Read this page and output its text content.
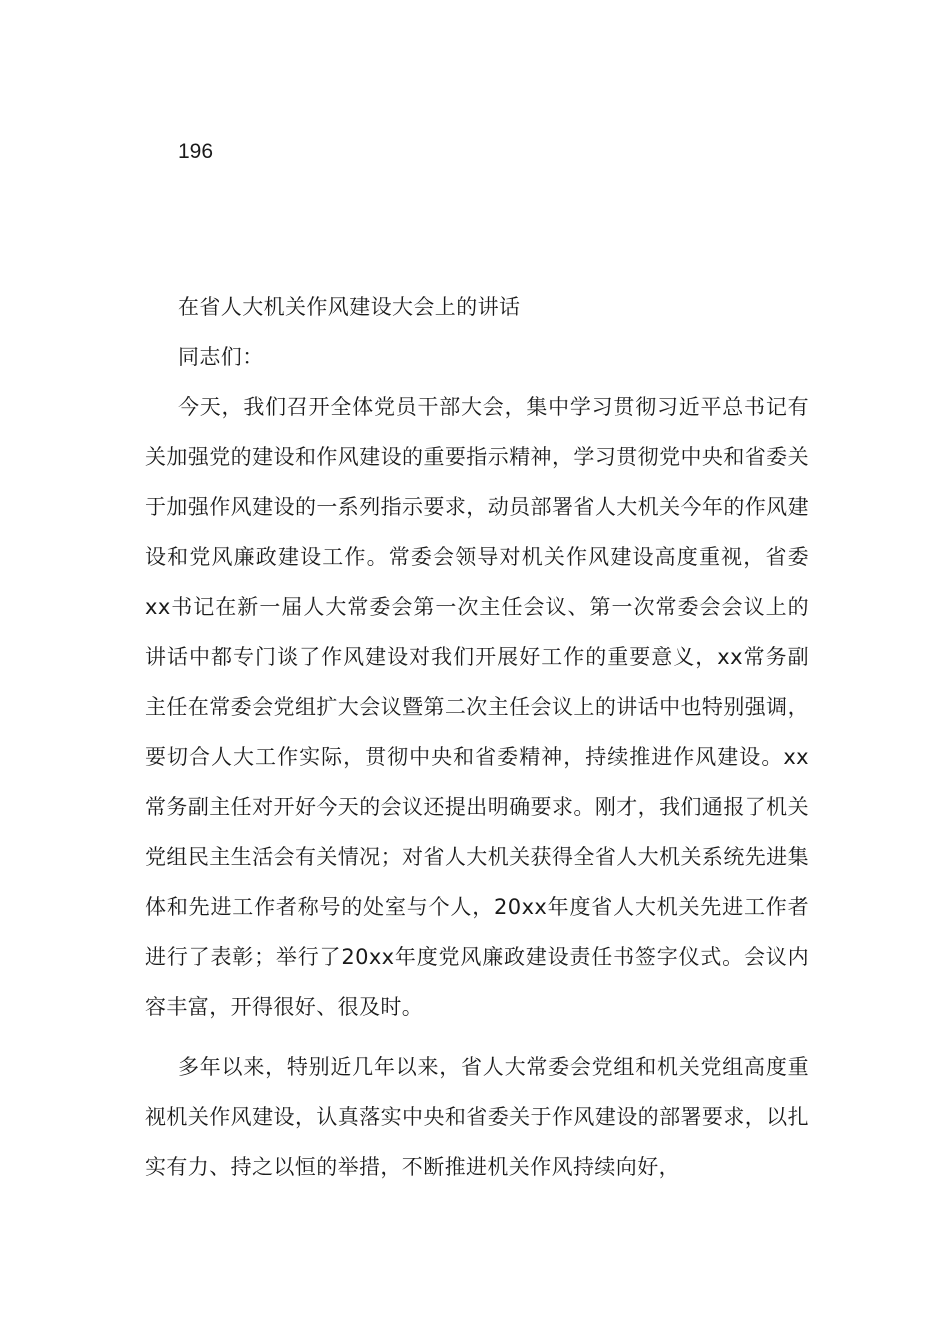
196

在省人大机关作风建设大会上的讲话

同志们：

今天，我们召开全体党员干部大会，集中学习贯彻习近平总书记有关加强党的建设和作风建设的重要指示精神，学习贯彻党中央和省委关于加强作风建设的一系列指示要求，动员部署省人大机关今年的作风建设和党风廉政建设工作。常委会领导对机关作风建设高度重视，省委xx书记在新一届人大常委会第一次主任会议、第一次常委会会议上的讲话中都专门谈了作风建设对我们开展好工作的重要意义，xx常务副主任在常委会党组扩大会议暨第二次主任会议上的讲话中也特别强调，要切合人大工作实际，贯彻中央和省委精神，持续推进作风建设。xx常务副主任对开好今天的会议还提出明确要求。刚才，我们通报了机关党组民主生活会有关情况；对省人大机关获得全省人大机关系统先进集体和先进工作者称号的处室与个人，20xx年度省人大机关先进工作者进行了表彰；举行了20xx年度党风廉政建设责任书签字仪式。会议内容丰富，开得很好、很及时。

多年以来，特别近几年以来，省人大常委会党组和机关党组高度重视机关作风建设，认真落实中央和省委关于作风建设的部署要求，以扎实有力、持之以恒的举措，不断推进机关作风持续向好，
